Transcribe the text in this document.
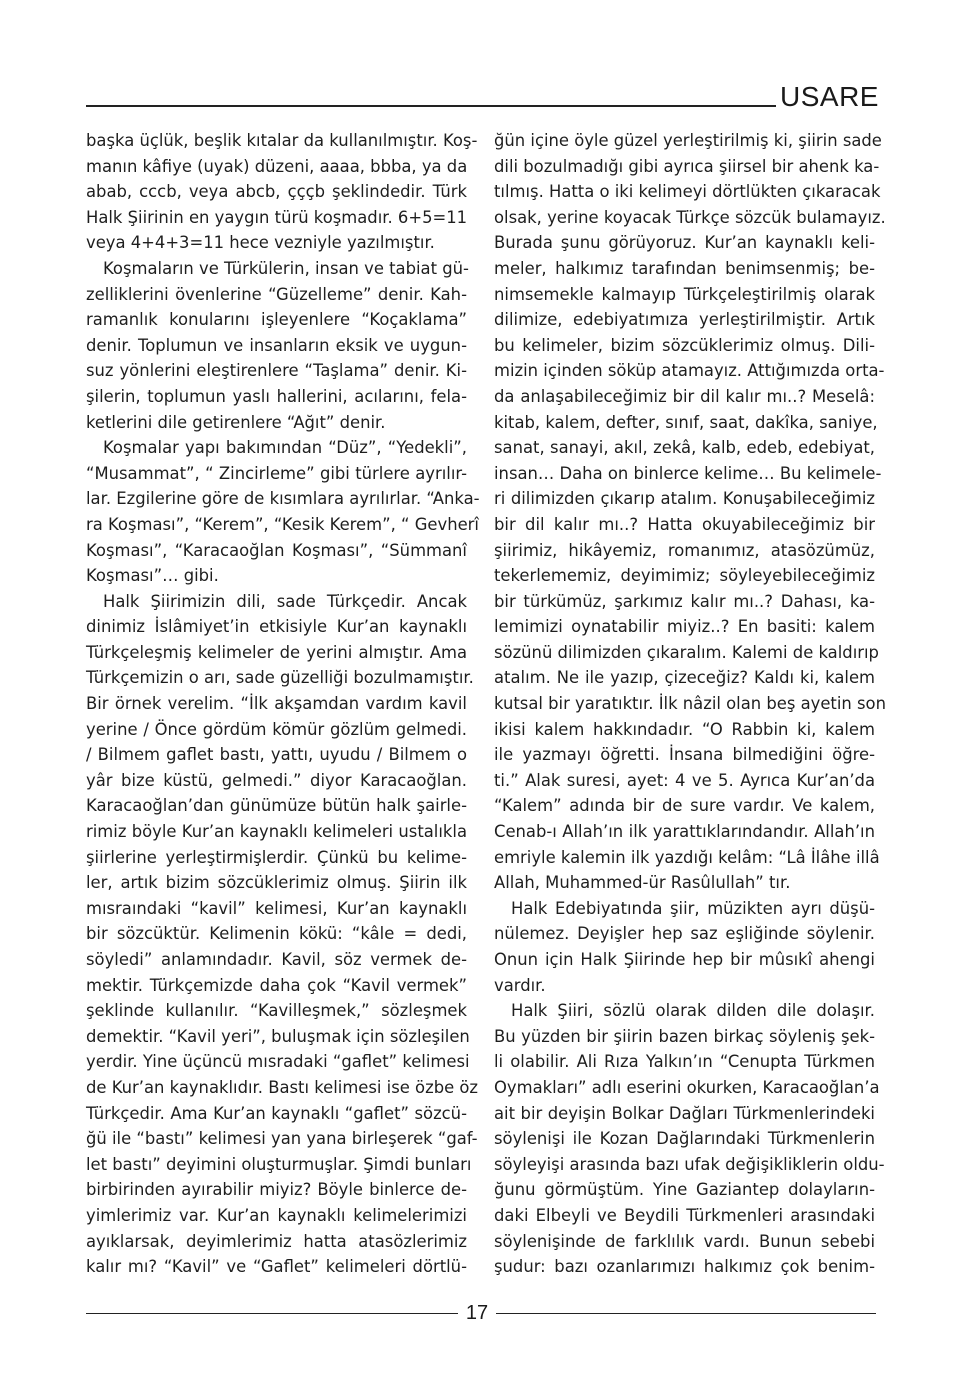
USARE
başka üçlük, beşlik kıtalar da kullanılmıştır. Koş-
manın kâfiye (uyak) düzeni, aaaa, bbba, ya da
abab, cccb, veya abcb, çççb şeklindedir. Türk
Halk Şiirinin en yaygın türü koşmadır. 6+5=11
veya 4+4+3=11 hece vezniyle yazılmıştır.
Koşmaların ve Türkülerin, insan ve tabiat gü-
zelliklerini övenlerine “Güzelleme” denir. Kah-
ramanlık konularını işleyenlere “Koçaklama”
denir. Toplumun ve insanların eksik ve uygun-
suz yönlerini eleştirenlere “Taşlama” denir. Ki-
şilerin, toplumun yaslı hallerini, acılarını, fela-
ketlerini dile getirenlere “Ağıt” denir.
Koşmalar yapı bakımından “Düz”, “Yedekli”,
“Musammat”, “ Zincirleme” gibi türlere ayrılır-
lar. Ezgilerine göre de kısımlara ayrılırlar. “Anka-
ra Koşması”, “Kerem”, “Kesik Kerem”, “ Gevherî
Koşması”, “Karacaoğlan Koşması”, “Sümmanî
Koşması”… gibi.
Halk Şiirimizin dili, sade Türkçedir. Ancak
dinimiz İslâmiyet’in etkisiyle Kur’an kaynaklı
Türkçeleşmiş kelimeler de yerini almıştır. Ama
Türkçemizin o arı, sade güzelliği bozulmamıştır.
Bir örnek verelim. “İlk akşamdan vardım kavil
yerine / Önce gördüm kömür gözlüm gelmedi.
/ Bilmem gaflet bastı, yattı, uyudu / Bilmem o
yâr bize küstü, gelmedi.” diyor Karacaoğlan.
Karacaoğlan’dan günümüze bütün halk şairle-
rimiz böyle Kur’an kaynaklı kelimeleri ustalıkla
şiirlerine yerleştirmişlerdir. Çünkü bu kelime-
ler, artık bizim sözcüklerimiz olmuş. Şiirin ilk
mısraındaki “kavil” kelimesi, Kur’an kaynaklı
bir sözcüktür. Kelimenin kökü: “kâle = dedi,
söyledi” anlamındadır. Kavil, söz vermek de-
mektir. Türkçemizde daha çok “Kavil vermek”
şeklinde kullanılır. “Kavilleşmek,” sözleşmek
demektir. “Kavil yeri”, buluşmak için sözleşilen
yerdir. Yine üçüncü mısradaki “gaflet” kelimesi
de Kur’an kaynaklıdır. Bastı kelimesi ise özbe öz
Türkçedir. Ama Kur’an kaynaklı “gaflet” sözcü-
ğü ile “bastı” kelimesi yan yana birleşerek “gaf-
let bastı” deyimini oluşturmuşlar. Şimdi bunları
birbirinden ayırabilir miyiz? Böyle binlerce de-
yimlerimiz var. Kur’an kaynaklı kelimelerimizi
ayıklarsak, deyimlerimiz hatta atasözlerimiz
kalır mı? “Kavil” ve “Gaflet” kelimeleri dörtlü-
ğün içine öyle güzel yerleştirilmiş ki, şiirin sade
dili bozulmadığı gibi ayrıca şiirsel bir ahenk ka-
tılmış. Hatta o iki kelimeyi dörtlükten çıkaracak
olsak, yerine koyacak Türkçe sözcük bulamayız.
Burada şunu görüyoruz. Kur’an kaynaklı keli-
meler, halkımız tarafından benimsenmiş; be-
nimsemekle kalmayıp Türkçeleştirilmiş olarak
dilimize, edebiyatımıza yerleştirilmiştir. Artık
bu kelimeler, bizim sözcüklerimiz olmuş. Dili-
mizin içinden söküp atamayız. Attığımızda orta-
da anlaşabileceğimiz bir dil kalır mı..? Meselâ:
kitab, kalem, defter, sınıf, saat, dakîka, saniye,
sanat, sanayi, akıl, zekâ, kalb, edeb, edebiyat,
insan… Daha on binlerce kelime… Bu kelimele-
ri dilimizden çıkarıp atalım. Konuşabileceğimiz
bir dil kalır mı..? Hatta okuyabileceğimiz bir
şiirimiz, hikâyemiz, romanımız, atasözümüz,
tekerlememiz, deyimimiz; söyleyebileceğimiz
bir türkümüz, şarkımız kalır mı..? Dahası, ka-
lemimizi oynatabilir miyiz..? En basiti: kalem
sözünü dilimizden çıkaralım. Kalemi de kaldırıp
atalım. Ne ile yazıp, çizeceğiz? Kaldı ki, kalem
kutsal bir yaratıktır. İlk nâzil olan beş ayetin son
ikisi kalem hakkındadır. “O Rabbin ki, kalem
ile yazmayı öğretti. İnsana bilmediğini öğre-
ti.” Alak suresi, ayet: 4 ve 5. Ayrıca Kur’an’da
“Kalem” adında bir de sure vardır. Ve kalem,
Cenab-ı Allah’ın ilk yarattıklarındandır. Allah’ın
emriyle kalemin ilk yazdığı kelâm: “Lâ İlâhe illâ
Allah, Muhammed-ür Rasûlullah” tır.
Halk Edebiyatında şiir, müzikten ayrı düşü-
nülemez. Deyişler hep saz eşliğinde söylenir.
Onun için Halk Şiirinde hep bir mûsıkî ahengi
vardır.
Halk Şiiri, sözlü olarak dilden dile dolaşır.
Bu yüzden bir şiirin bazen birkaç söyleniş şek-
li olabilir. Ali Rıza Yalkın’ın “Cenupta Türkmen
Oymakları” adlı eserini okurken, Karacaoğlan’a
ait bir deyişin Bolkar Dağları Türkmenlerindeki
söylenişi ile Kozan Dağlarındaki Türkmenlerin
söyleyişi arasında bazı ufak değişikliklerin oldu-
ğunu görmüştüm. Yine Gaziantep dolayların-
daki Elbeyli ve Beydili Türkmenleri arasındaki
söylenişinde de farklılık vardı. Bunun sebebi
şudur: bazı ozanlarımızı halkımız çok benim-
17
